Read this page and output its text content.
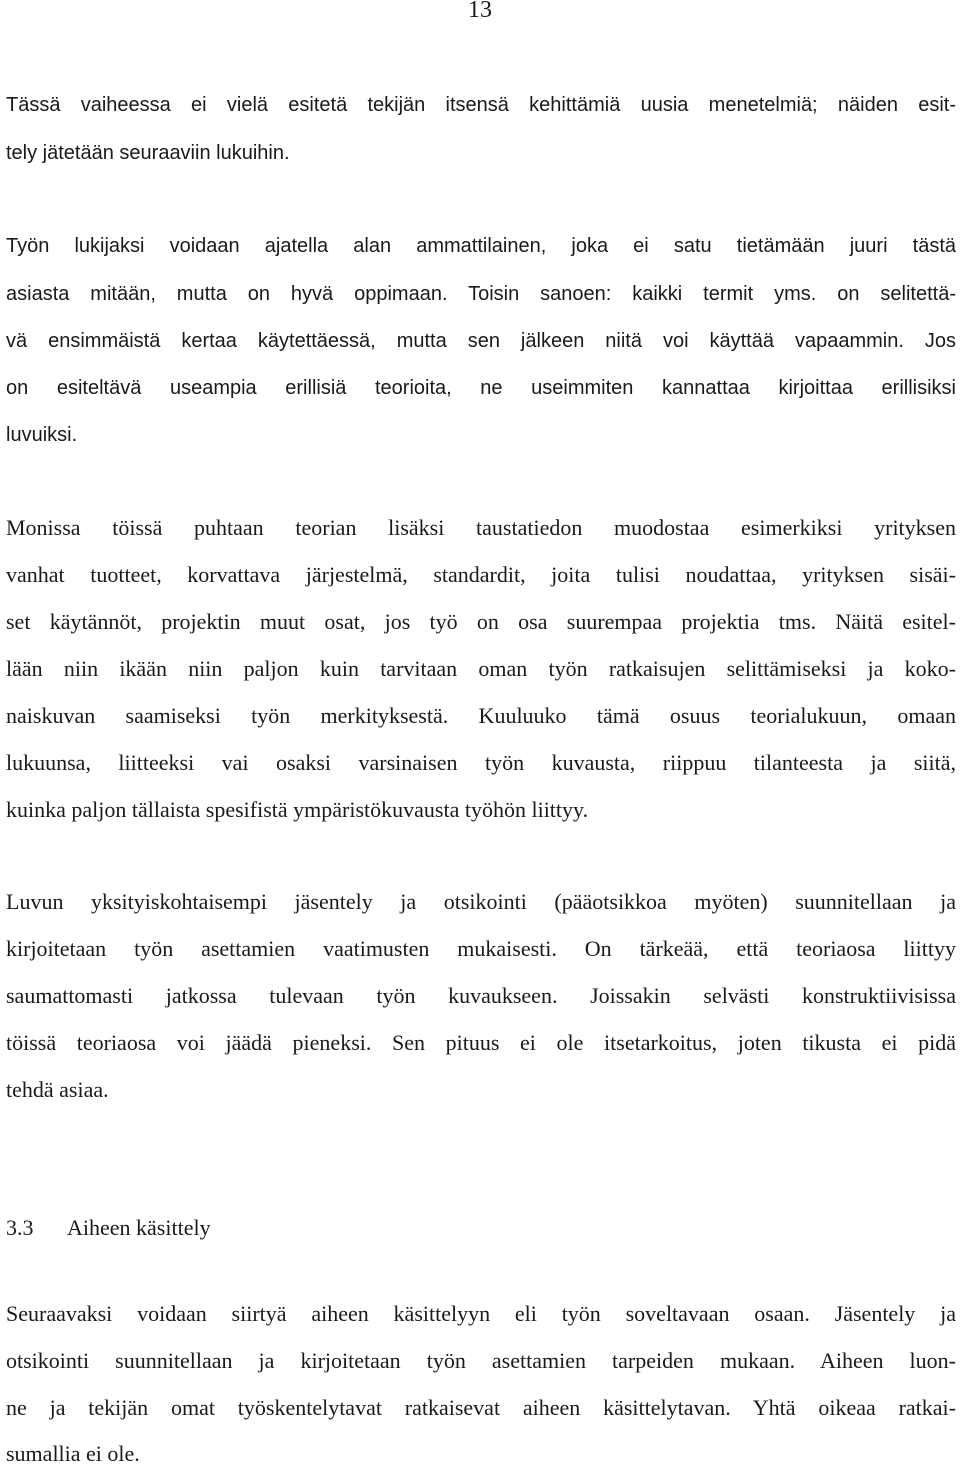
13
Tässä vaiheessa ei vielä esitetä tekijän itsensä kehittämiä uusia menetelmiä; näiden esit-
tely jätetään seuraaviin lukuihin.
Työn lukijaksi voidaan ajatella alan ammattilainen, joka ei satu tietämään juuri tästä
asiasta mitään, mutta on hyvä oppimaan. Toisin sanoen: kaikki termit yms. on selitettä-
vä ensimmäistä kertaa käytettäessä, mutta sen jälkeen niitä voi käyttää vapaammin. Jos
on esiteltävä useampia erillisiä teorioita, ne useimmiten kannattaa kirjoittaa erillisiksi
luvuiksi.
Monissa töissä puhtaan teorian lisäksi taustatiedon muodostaa esimerkiksi yrityksen
vanhat tuotteet, korvattava järjestelmä, standardit, joita tulisi noudattaa, yrityksen sisäi-
set käytännöt, projektin muut osat, jos työ on osa suurempaa projektia tms. Näitä esitel-
lään niin ikään niin paljon kuin tarvitaan oman työn ratkaisujen selittämiseksi ja koko-
naiskuvan saamiseksi työn merkityksestä. Kuuluuko tämä osuus teorialukuun, omaan
lukuunsa, liitteeksi vai osaksi varsinaisen työn kuvausta, riippuu tilanteesta ja siitä,
kuinka paljon tällaista spesifistä ympäristökuvausta työhön liittyy.
Luvun yksityiskohtaisempi jäsentely ja otsikointi (pääotsikkoa myöten) suunnitellaan ja
kirjoitetaan työn asettamien vaatimusten mukaisesti. On tärkeää, että teoriaosa liittyy
saumattomasti jatkossa tulevaan työn kuvaukseen. Joissakin selvästi konstruktiivisissa
töissä teoriaosa voi jäädä pieneksi. Sen pituus ei ole itsetarkoitus, joten tikusta ei pidä
tehdä asiaa.
3.3 Aiheen käsittely
Seuraavaksi voidaan siirtyä aiheen käsittelyyn eli työn soveltavaan osaan. Jäsentely ja
otsikointi suunnitellaan ja kirjoitetaan työn asettamien tarpeiden mukaan. Aiheen luon-
ne ja tekijän omat työskentelytavat ratkaisevat aiheen käsittelytavan. Yhtä oikeaa ratkai-
sumallia ei ole.
